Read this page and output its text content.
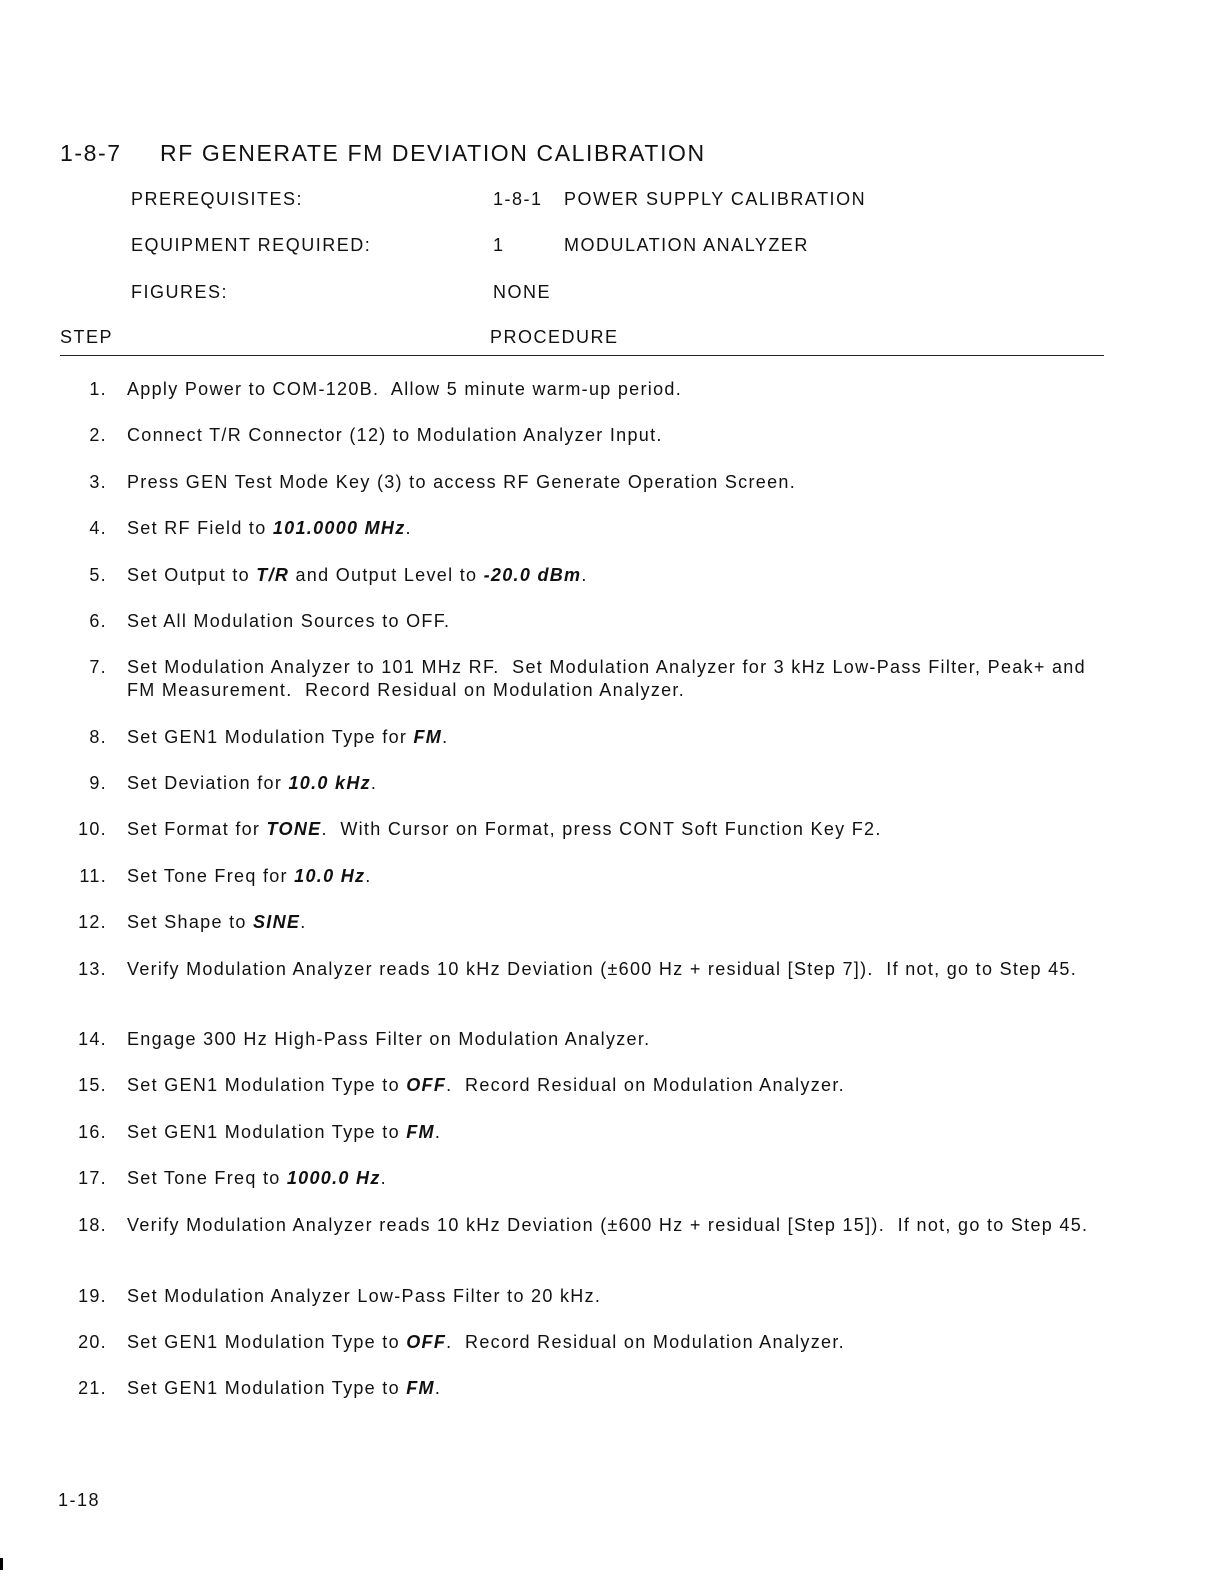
1-8-7 RF GENERATE FM DEVIATION CALIBRATION
PREREQUISITES:	1-8-1 POWER SUPPLY CALIBRATION
EQUIPMENT REQUIRED:	1	MODULATION ANALYZER
FIGURES:	NONE
STEP	PROCEDURE
1. Apply Power to COM-120B.  Allow 5 minute warm-up period.
2. Connect T/R Connector (12) to Modulation Analyzer Input.
3. Press GEN Test Mode Key (3) to access RF Generate Operation Screen.
4. Set RF Field to 101.0000 MHz.
5. Set Output to T/R and Output Level to -20.0 dBm.
6. Set All Modulation Sources to OFF.
7. Set Modulation Analyzer to 101 MHz RF.  Set Modulation Analyzer for 3 kHz Low-Pass Filter, Peak+ and FM Measurement.  Record Residual on Modulation Analyzer.
8. Set GEN1 Modulation Type for FM.
9. Set Deviation for 10.0 kHz.
10. Set Format for TONE.  With Cursor on Format, press CONT Soft Function Key F2.
11. Set Tone Freq for 10.0 Hz.
12. Set Shape to SINE.
13. Verify Modulation Analyzer reads 10 kHz Deviation (±600 Hz + residual [Step 7]).  If not, go to Step 45.
14. Engage 300 Hz High-Pass Filter on Modulation Analyzer.
15. Set GEN1 Modulation Type to OFF.  Record Residual on Modulation Analyzer.
16. Set GEN1 Modulation Type to FM.
17. Set Tone Freq to 1000.0 Hz.
18. Verify Modulation Analyzer reads 10 kHz Deviation (±600 Hz + residual [Step 15]).  If not, go to Step 45.
19. Set Modulation Analyzer Low-Pass Filter to 20 kHz.
20. Set GEN1 Modulation Type to OFF.  Record Residual on Modulation Analyzer.
21. Set GEN1 Modulation Type to FM.
1-18
